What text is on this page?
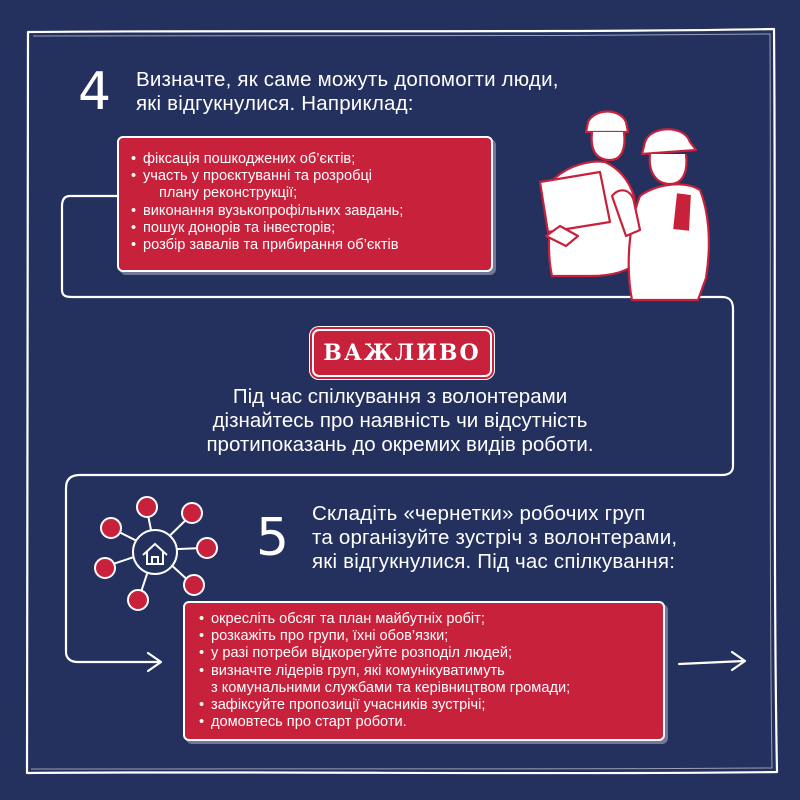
4 Визначте, як саме можуть допомогти люди,
які відгукнулися. Наприклад:
• фіксація пошкоджених об’єктів;
• участь у проєктуванні та розробці
плану реконструкції;
• виконання вузькопрофільних завдань;
• пошук донорів та інвесторів;
• розбір завалів та прибирання об’єктів
ВАЖЛИВО
Під час спілкування з волонтерами
дізнайтесь про наявність чи відсутність
протипоказань до окремих видів роботи.
5 Складіть «чернетки» робочих груп
та організуйте зустріч з волонтерами,
які відгукнулися. Під час спілкування:
• окресліть обсяг та план майбутніх робіт;
• розкажіть про групи, їхні обов’язки;
• у разі потреби відкорегуйте розподіл людей;
• визначте лідерів груп, які комунікуватимуть
з комунальними службами та керівництвом громади;
• зафіксуйте пропозиції учасників зустрічі;
• домовтесь про старт роботи.
